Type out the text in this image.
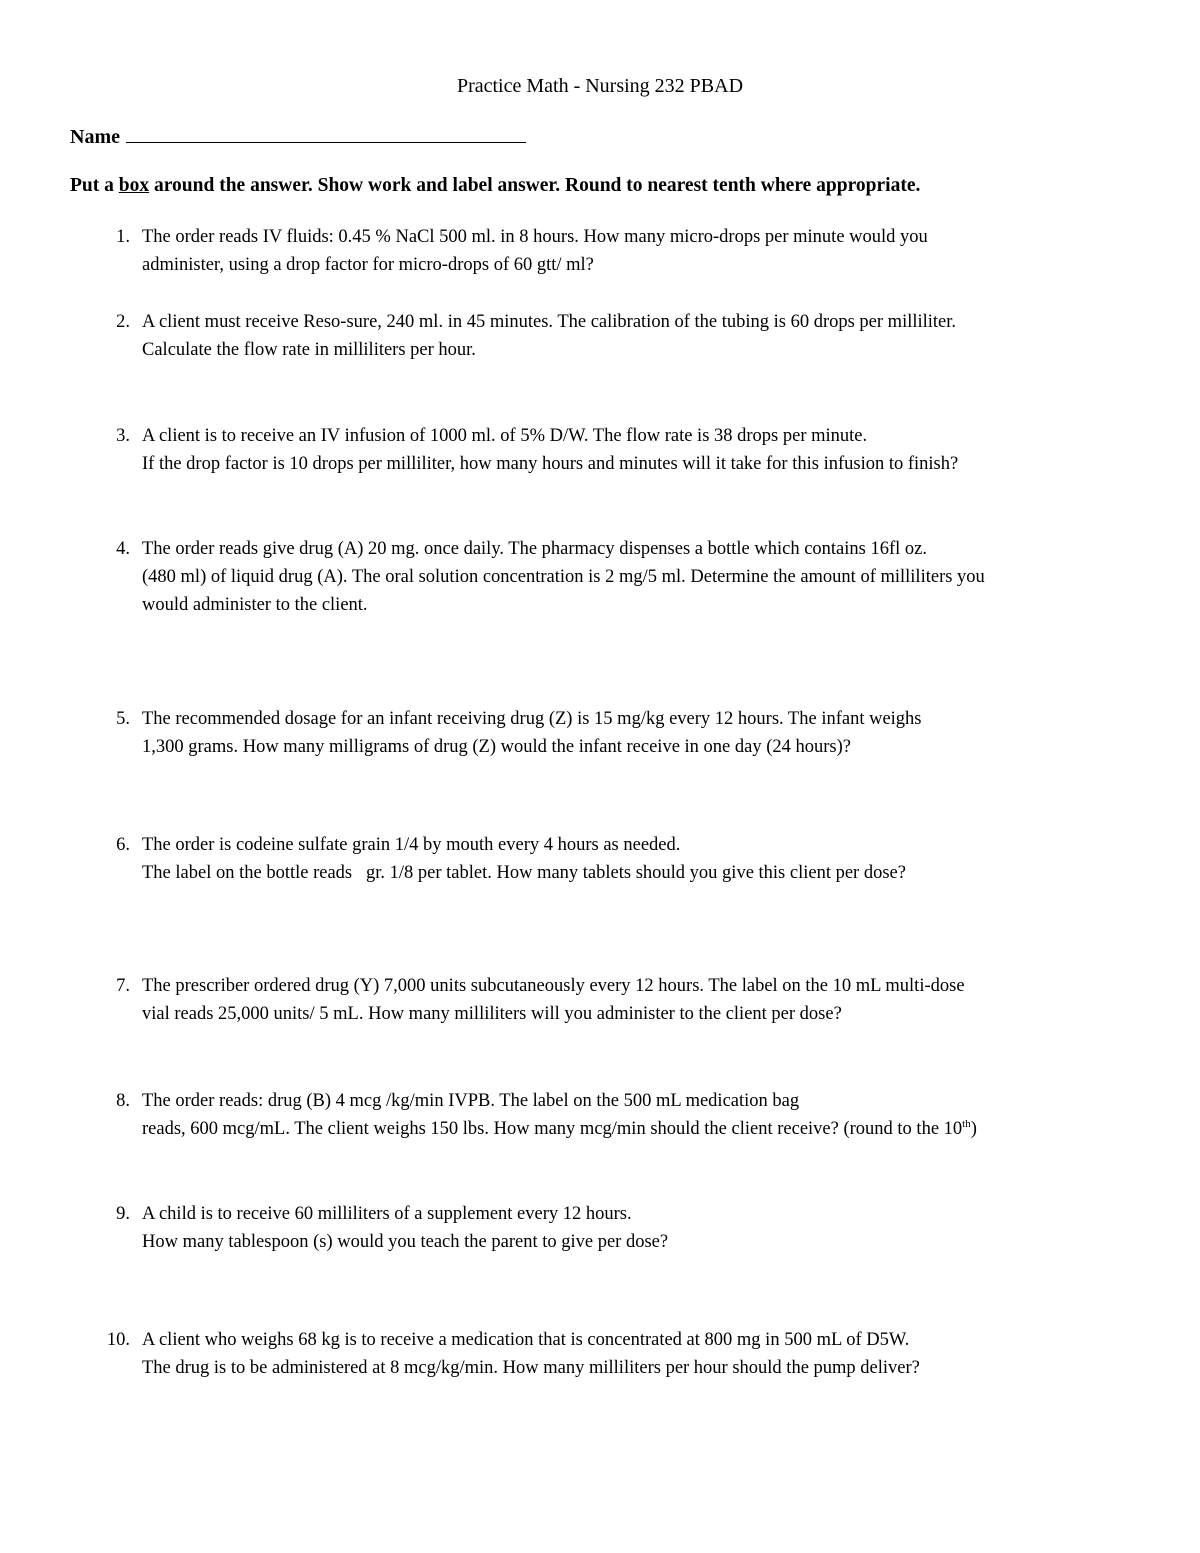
Practice Math - Nursing 232 PBAD
Name
Put a box around the answer. Show work and label answer. Round to nearest tenth where appropriate.
1. The order reads IV fluids: 0.45 % NaCl 500 ml. in 8 hours. How many micro-drops per minute would you
administer, using a drop factor for micro-drops of 60 gtt/ ml?
2. A client must receive Reso-sure, 240 ml. in 45 minutes. The calibration of the tubing is 60 drops per milliliter.
Calculate the flow rate in milliliters per hour.
3. A client is to receive an IV infusion of 1000 ml. of 5% D/W. The flow rate is 38 drops per minute.
If the drop factor is 10 drops per milliliter, how many hours and minutes will it take for this infusion to finish?
4. The order reads give drug (A) 20 mg. once daily. The pharmacy dispenses a bottle which contains 16fl oz.
(480 ml) of liquid drug (A). The oral solution concentration is 2 mg/5 ml. Determine the amount of milliliters you
would administer to the client.
5. The recommended dosage for an infant receiving drug (Z) is 15 mg/kg every 12 hours. The infant weighs
1,300 grams. How many milligrams of drug (Z) would the infant receive in one day (24 hours)?
6. The order is codeine sulfate grain 1/4 by mouth every 4 hours as needed.
The label on the bottle reads   gr. 1/8 per tablet. How many tablets should you give this client per dose?
7. The prescriber ordered drug (Y) 7,000 units subcutaneously every 12 hours. The label on the 10 mL multi-dose
vial reads 25,000 units/ 5 mL. How many milliliters will you administer to the client per dose?
8. The order reads: drug (B) 4 mcg /kg/min IVPB. The label on the 500 mL medication bag
reads, 600 mcg/mL. The client weighs 150 lbs. How many mcg/min should the client receive? (round to the 10th)
9. A child is to receive 60 milliliters of a supplement every 12 hours.
How many tablespoon (s) would you teach the parent to give per dose?
10. A client who weighs 68 kg is to receive a medication that is concentrated at 800 mg in 500 mL of D5W.
The drug is to be administered at 8 mcg/kg/min. How many milliliters per hour should the pump deliver?
